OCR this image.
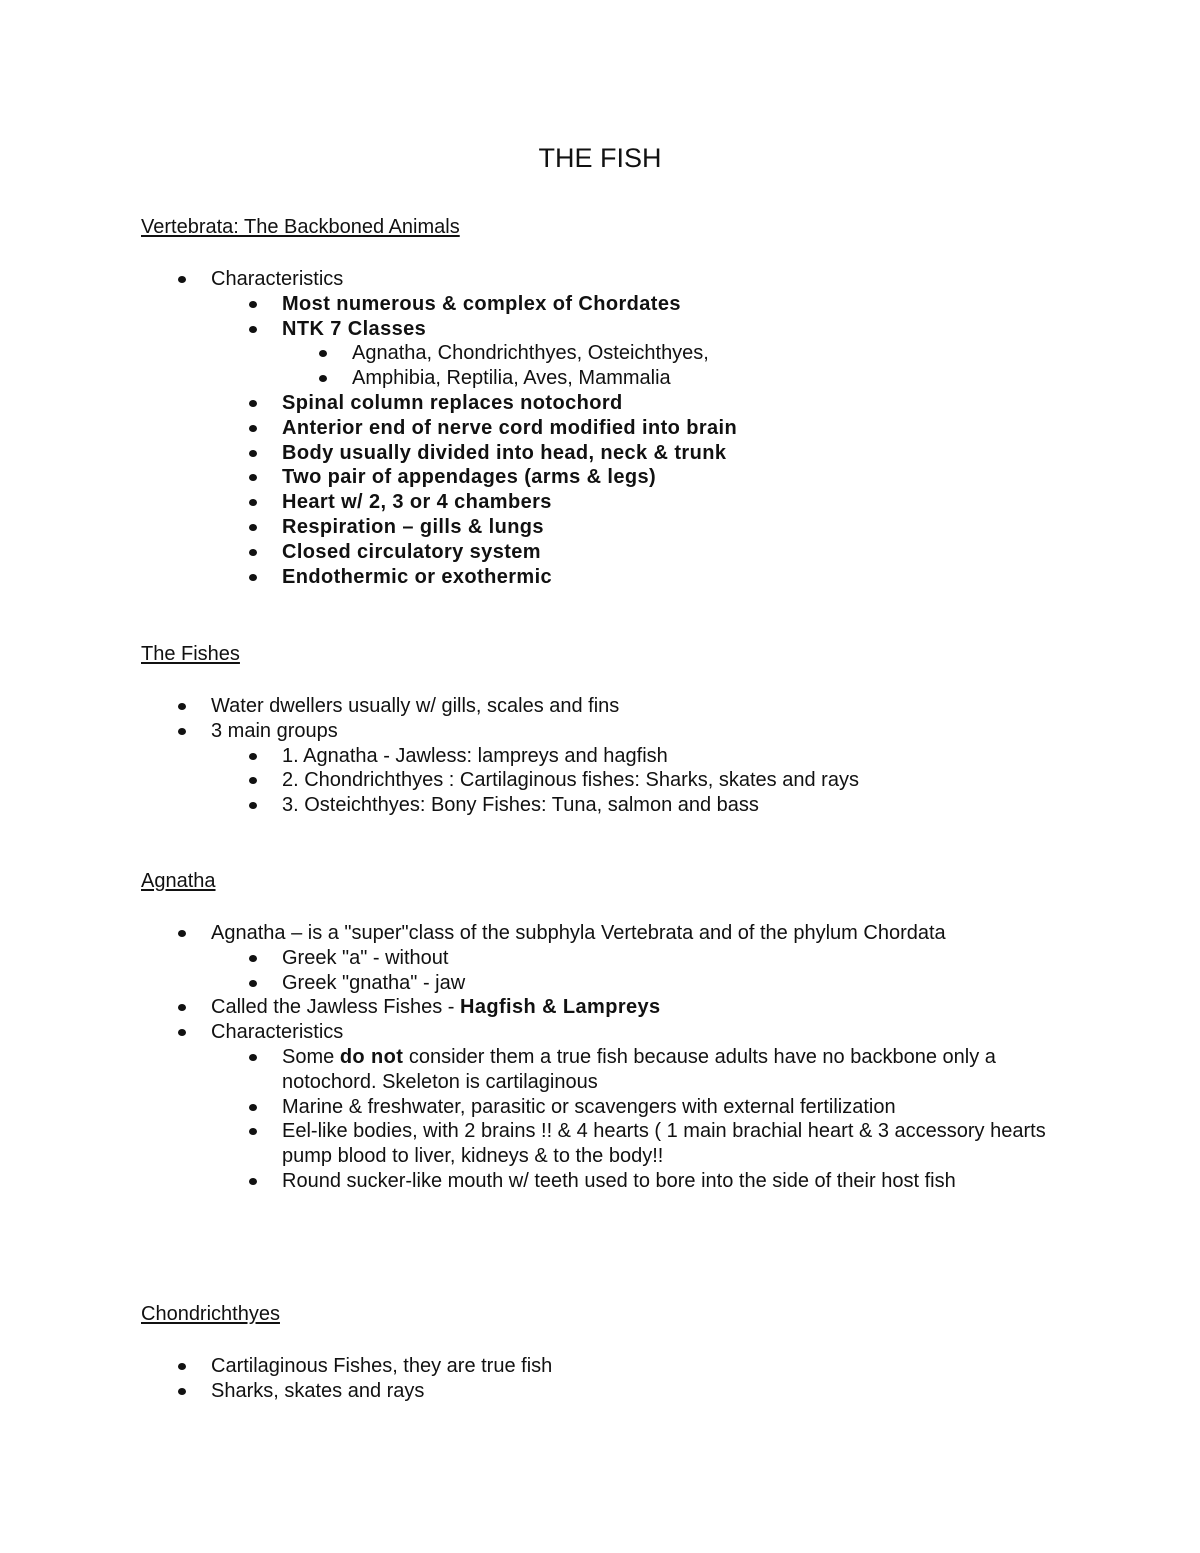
THE FISH
Vertebrata: The Backboned Animals
Characteristics
Most numerous & complex of Chordates
NTK 7 Classes
Agnatha, Chondrichthyes, Osteichthyes,
Amphibia, Reptilia, Aves, Mammalia
Spinal column replaces notochord
Anterior end of nerve cord modified into brain
Body usually divided into head, neck & trunk
Two pair of appendages (arms & legs)
Heart w/ 2, 3 or 4 chambers
Respiration – gills & lungs
Closed circulatory system
Endothermic or exothermic
The Fishes
Water dwellers usually w/ gills, scales and fins
3 main groups
1. Agnatha - Jawless: lampreys and hagfish
2. Chondrichthyes : Cartilaginous fishes: Sharks, skates and rays
3. Osteichthyes: Bony Fishes: Tuna, salmon and bass
Agnatha
Agnatha – is a "super"class of the subphyla Vertebrata and of the phylum Chordata
Greek "a" - without
Greek "gnatha" - jaw
Called the Jawless Fishes - Hagfish & Lampreys
Characteristics
Some do not consider them a true fish because adults have no backbone only a notochord. Skeleton is cartilaginous
Marine & freshwater, parasitic or scavengers with external fertilization
Eel-like bodies, with 2 brains !! & 4 hearts ( 1 main brachial heart & 3 accessory hearts pump blood to liver, kidneys & to the body!!
Round sucker-like mouth w/ teeth used to bore into the side of their host fish
Chondrichthyes
Cartilaginous Fishes, they are true fish
Sharks, skates and rays
